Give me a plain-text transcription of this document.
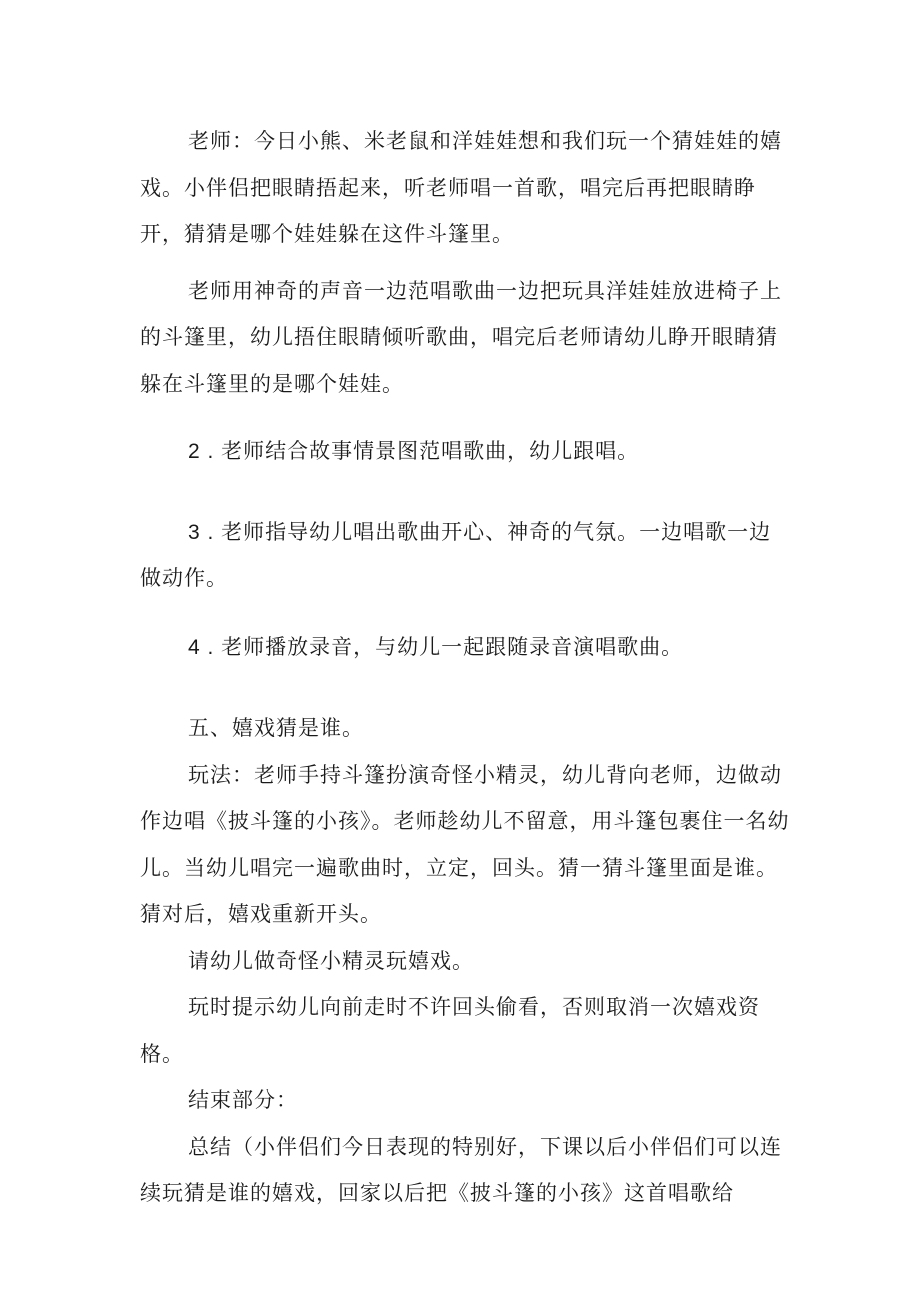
老师：今日小熊、米老鼠和洋娃娃想和我们玩一个猜娃娃的嬉戏。小伴侣把眼睛捂起来，听老师唱一首歌，唱完后再把眼睛睁开，猜猜是哪个娃娃躲在这件斗篷里。

老师用神奇的声音一边范唱歌曲一边把玩具洋娃娃放进椅子上的斗篷里，幼儿捂住眼睛倾听歌曲，唱完后老师请幼儿睁开眼睛猜躲在斗篷里的是哪个娃娃。

2 . 老师结合故事情景图范唱歌曲，幼儿跟唱。

3 . 老师指导幼儿唱出歌曲开心、神奇的气氛。一边唱歌一边做动作。

4 . 老师播放录音，与幼儿一起跟随录音演唱歌曲。

五、嬉戏猜是谁。

玩法：老师手持斗篷扮演奇怪小精灵，幼儿背向老师，边做动作边唱《披斗篷的小孩》。老师趁幼儿不留意，用斗篷包裹住一名幼儿。当幼儿唱完一遍歌曲时，立定，回头。猜一猜斗篷里面是谁。猜对后，嬉戏重新开头。

请幼儿做奇怪小精灵玩嬉戏。

玩时提示幼儿向前走时不许回头偷看，否则取消一次嬉戏资格。

结束部分：

总结（小伴侣们今日表现的特别好，下课以后小伴侣们可以连续玩猜是谁的嬉戏，回家以后把《披斗篷的小孩》这首唱歌给
